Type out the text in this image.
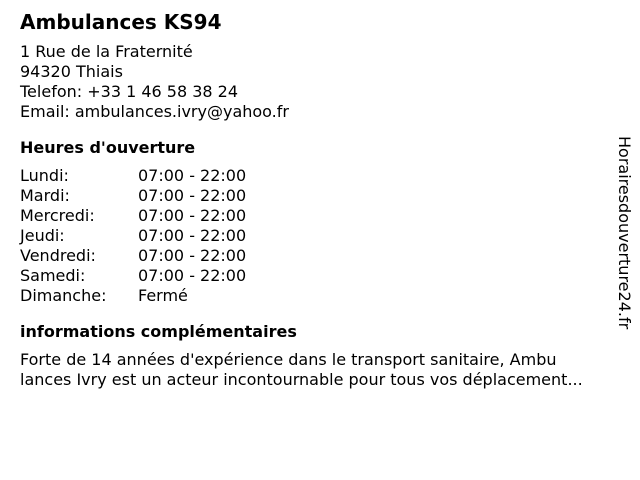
Ambulances KS94
1 Rue de la Fraternité
94320 Thiais
Telefon: +33 1 46 58 38 24
Email: ambulances.ivry@yahoo.fr
Heures d'ouverture
Lundi:	07:00 - 22:00
Mardi:	07:00 - 22:00
Mercredi:	07:00 - 22:00
Jeudi:	07:00 - 22:00
Vendredi:	07:00 - 22:00
Samedi:	07:00 - 22:00
Dimanche:	Fermé
informations complémentaires
Forte de 14 années d'expérience dans le transport sanitaire, Ambu
lances Ivry est un acteur incontournable pour tous vos déplacement...
Horairesdouverture24.fr
